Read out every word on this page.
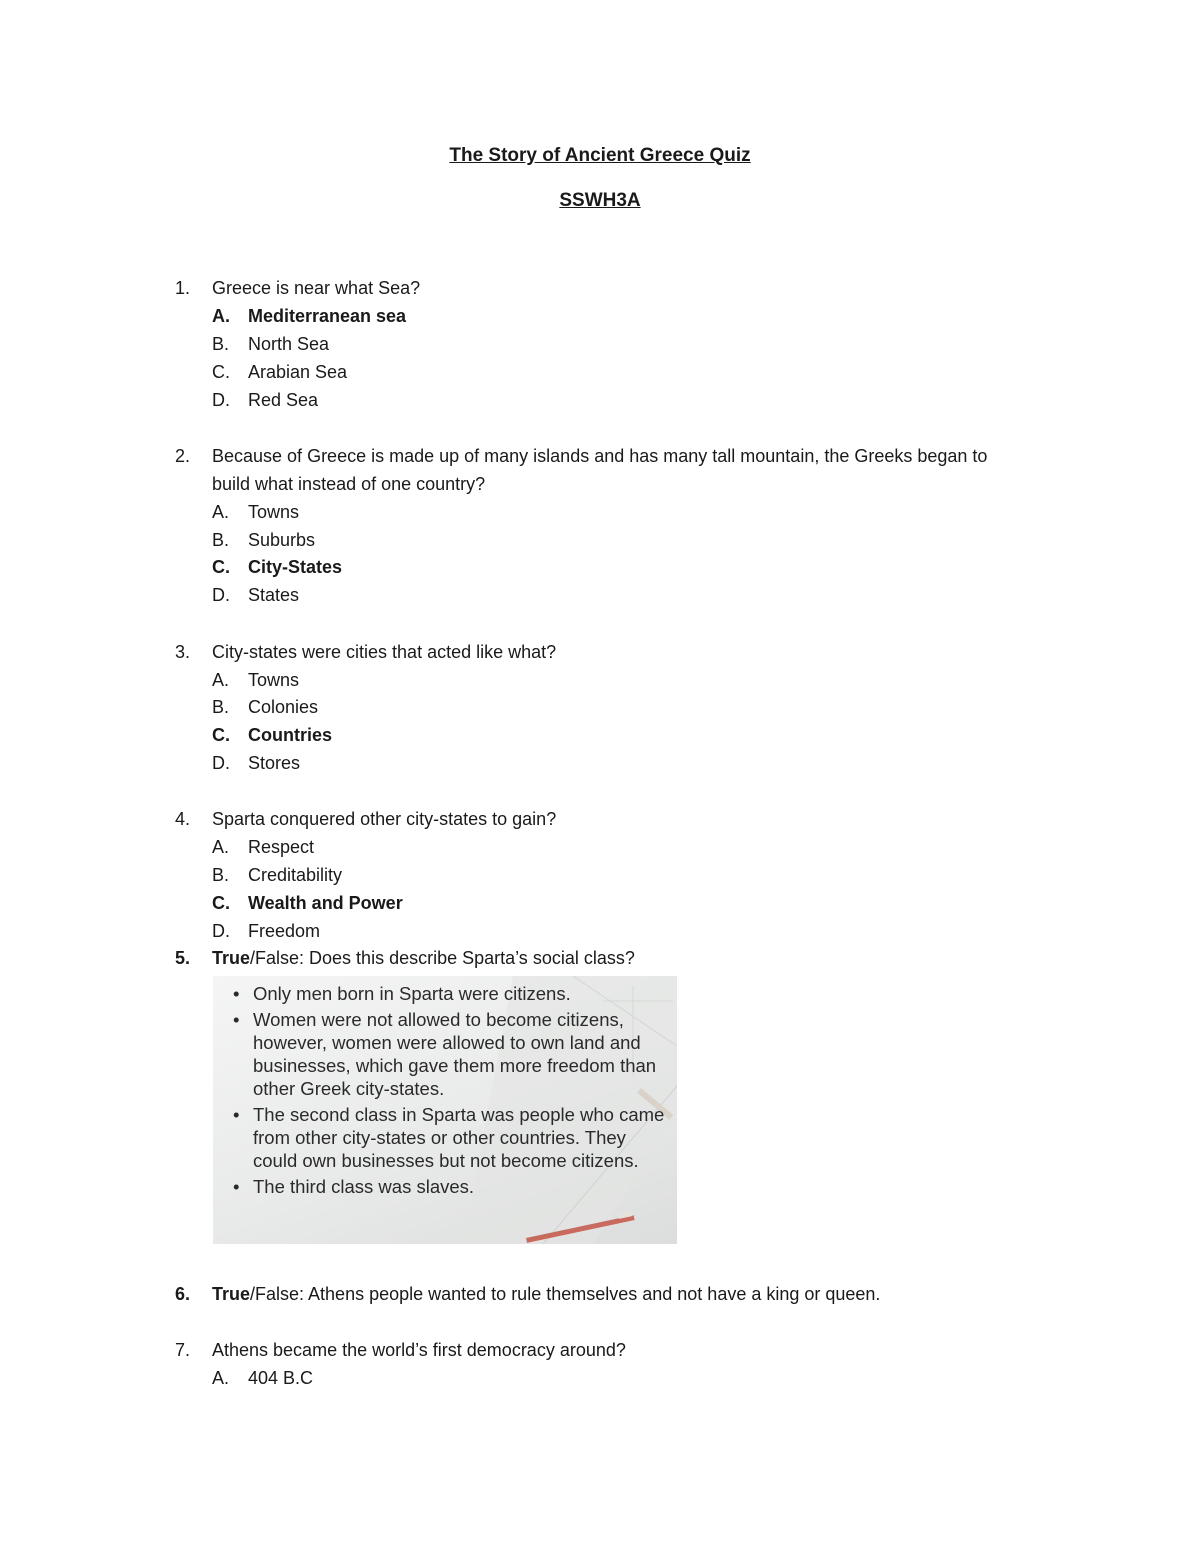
The Story of Ancient Greece Quiz
SSWH3A
1.	Greece is near what Sea?
A.	Mediterranean sea
B.	North Sea
C.	Arabian Sea
D.	Red Sea
2.	Because of Greece is made up of many islands and has many tall mountain, the Greeks began to
build what instead of one country?
A.	Towns
B.	Suburbs
C.	City-States
D.	States
3.	City-states were cities that acted like what?
A.	Towns
B.	Colonies
C.	Countries
D.	Stores
4.	Sparta conquered other city-states to gain?
A.	Respect
B.	Creditability
C.	Wealth and Power
D.	Freedom
5.	True/False: Does this describe Sparta’s social class?
• Only men born in Sparta were citizens.
• Women were not allowed to become citizens, however, women were allowed to own land and businesses, which gave them more freedom than other Greek city-states.
• The second class in Sparta was people who came from other city-states or other countries. They could own businesses but not become citizens.
• The third class was slaves.
6.	True/False: Athens people wanted to rule themselves and not have a king or queen.
7.	Athens became the world’s first democracy around?
A.	404 B.C
